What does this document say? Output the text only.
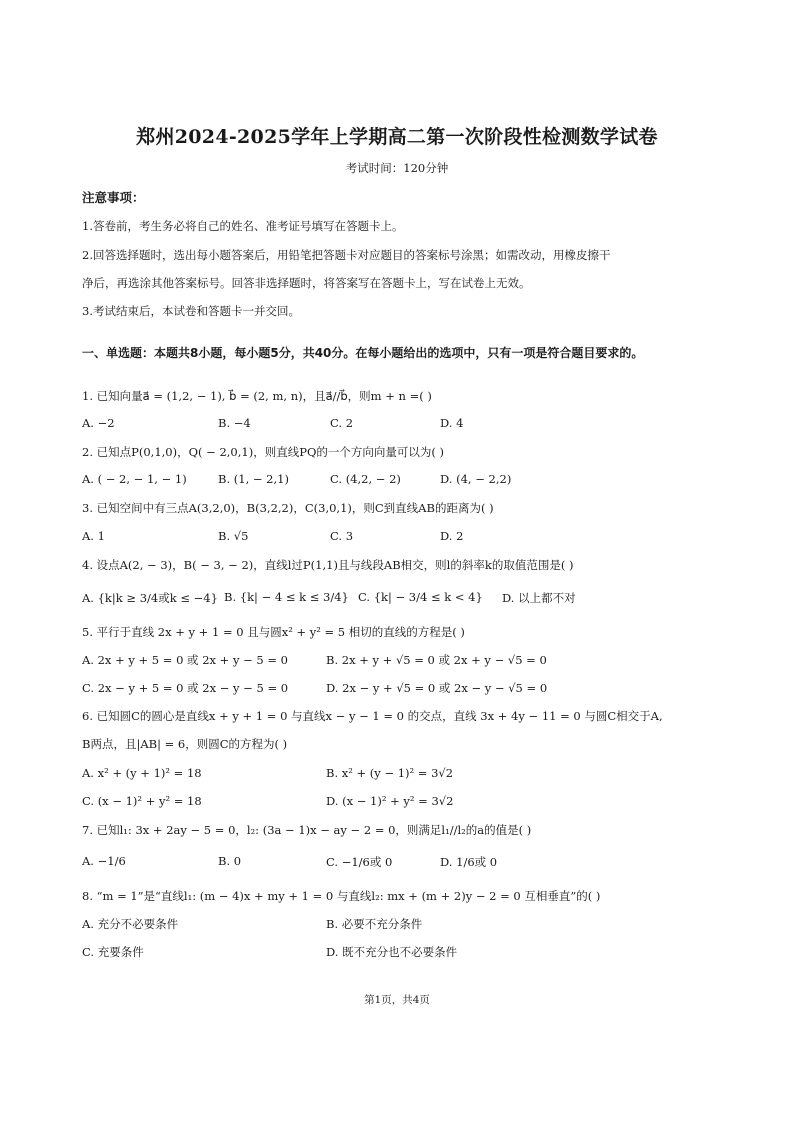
郑州2024-2025学年上学期高二第一次阶段性检测数学试卷
考试时间：120分钟
注意事项：
1.答卷前，考生务必将自己的姓名、准考证号填写在答题卡上。
2.回答选择题时，选出每小题答案后，用铅笔把答题卡对应题目的答案标号涂黑；如需改动，用橡皮擦干
净后，再选涂其他答案标号。回答非选择题时，将答案写在答题卡上，写在试卷上无效。
3.考试结束后，本试卷和答题卡一并交回。
一、单选题：本题共8小题，每小题5分，共40分。在每小题给出的选项中，只有一项是符合题目要求的。
1. 已知向量a⃗ = (1,2, − 1), b⃗ = (2, m, n)，且a⃗//b⃗，则m + n =( )
A. −2	B. −4	C. 2	D. 4
2. 已知点P(0,1,0)，Q( − 2,0,1)，则直线PQ的一个方向向量可以为( )
A. ( − 2, − 1, − 1)	B. (1, − 2,1)	C. (4,2, − 2)	D. (4, − 2,2)
3. 已知空间中有三点A(3,2,0)，B(3,2,2)，C(3,0,1)，则C到直线AB的距离为( )
A. 1	B. √5	C. 3	D. 2
4. 设点A(2, − 3)，B( − 3, − 2)，直线l过P(1,1)且与线段AB相交，则l的斜率k的取值范围是( )
A. {k|k ≥ 3/4或k ≤ −4} B. {k| − 4 ≤ k ≤ 3/4} C. {k| − 3/4 ≤ k < 4} D. 以上都不对
5. 平行于直线 2x + y + 1 = 0 且与圆x² + y² = 5 相切的直线的方程是( )
A. 2x + y + 5 = 0 或 2x + y − 5 = 0	B. 2x + y + √5 = 0 或 2x + y − √5 = 0
C. 2x − y + 5 = 0 或 2x − y − 5 = 0	D. 2x − y + √5 = 0 或 2x − y − √5 = 0
6. 已知圆C的圆心是直线x + y + 1 = 0 与直线x − y − 1 = 0 的交点，直线 3x + 4y − 11 = 0 与圆C相交于A,
B两点，且|AB| = 6，则圆C的方程为( )
A. x² + (y + 1)² = 18	B. x² + (y − 1)² = 3√2
C. (x − 1)² + y² = 18	D. (x − 1)² + y² = 3√2
7. 已知l₁: 3x + 2ay − 5 = 0，l₂: (3a − 1)x − ay − 2 = 0，则满足l₁//l₂的a的值是( )
A. −1/6	B. 0	C. −1/6或 0	D. 1/6或 0
8. “m = 1”是“直线l₁: (m − 4)x + my + 1 = 0 与直线l₂: mx + (m + 2)y − 2 = 0 互相垂直”的( )
A. 充分不必要条件	B. 必要不充分条件
C. 充要条件	D. 既不充分也不必要条件
第1页，共4页
